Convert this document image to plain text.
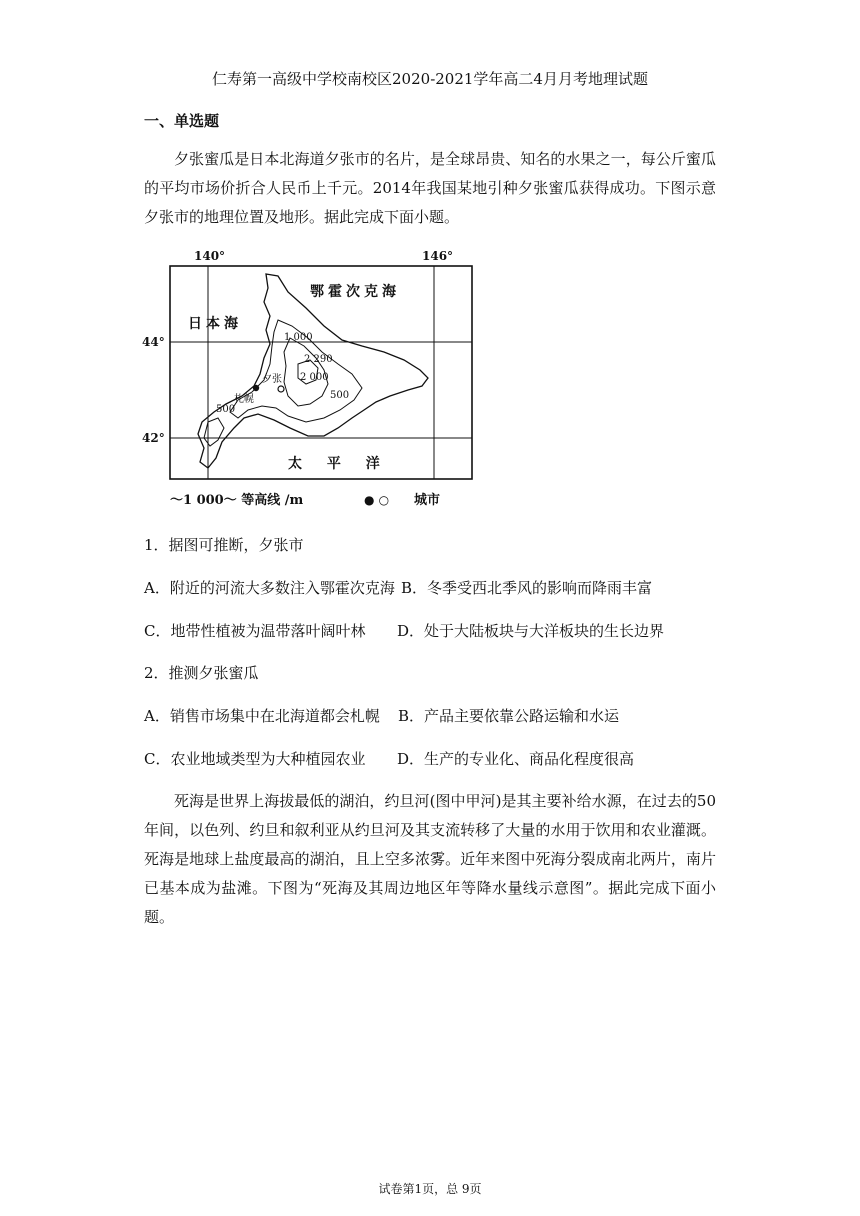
仁寿第一高级中学校南校区2020-2021学年高二4月月考地理试题
一、单选题
夕张蜜瓜是日本北海道夕张市的名片，是全球昂贵、知名的水果之一，每公斤蜜瓜的平均市场价折合人民币上千元。2014年我国某地引种夕张蜜瓜获得成功。下图示意夕张市的地理位置及地形。据此完成下面小题。
140°	146°
44°
42°
鄂霍次克海
日本海
太 平 洋
1 000
2 290
2 000
500
500
夕张
札幌
〜1 000〜 等高线 /m	● ○ 城市
1．据图可推断，夕张市
A．附近的河流大多数注入鄂霍次克海 B．冬季受西北季风的影响而降雨丰富
C．地带性植被为温带落叶阔叶林 D．处于大陆板块与大洋板块的生长边界
2．推测夕张蜜瓜
A．销售市场集中在北海道都会札幌 B．产品主要依靠公路运输和水运
C．农业地域类型为大种植园农业 D．生产的专业化、商品化程度很高
死海是世界上海拔最低的湖泊，约旦河(图中甲河)是其主要补给水源，在过去的50年间，以色列、约旦和叙利亚从约旦河及其支流转移了大量的水用于饮用和农业灌溉。死海是地球上盐度最高的湖泊，且上空多浓雾。近年来图中死海分裂成南北两片，南片已基本成为盐滩。下图为“死海及其周边地区年等降水量线示意图”。据此完成下面小题。
试卷第1页，总 9页
